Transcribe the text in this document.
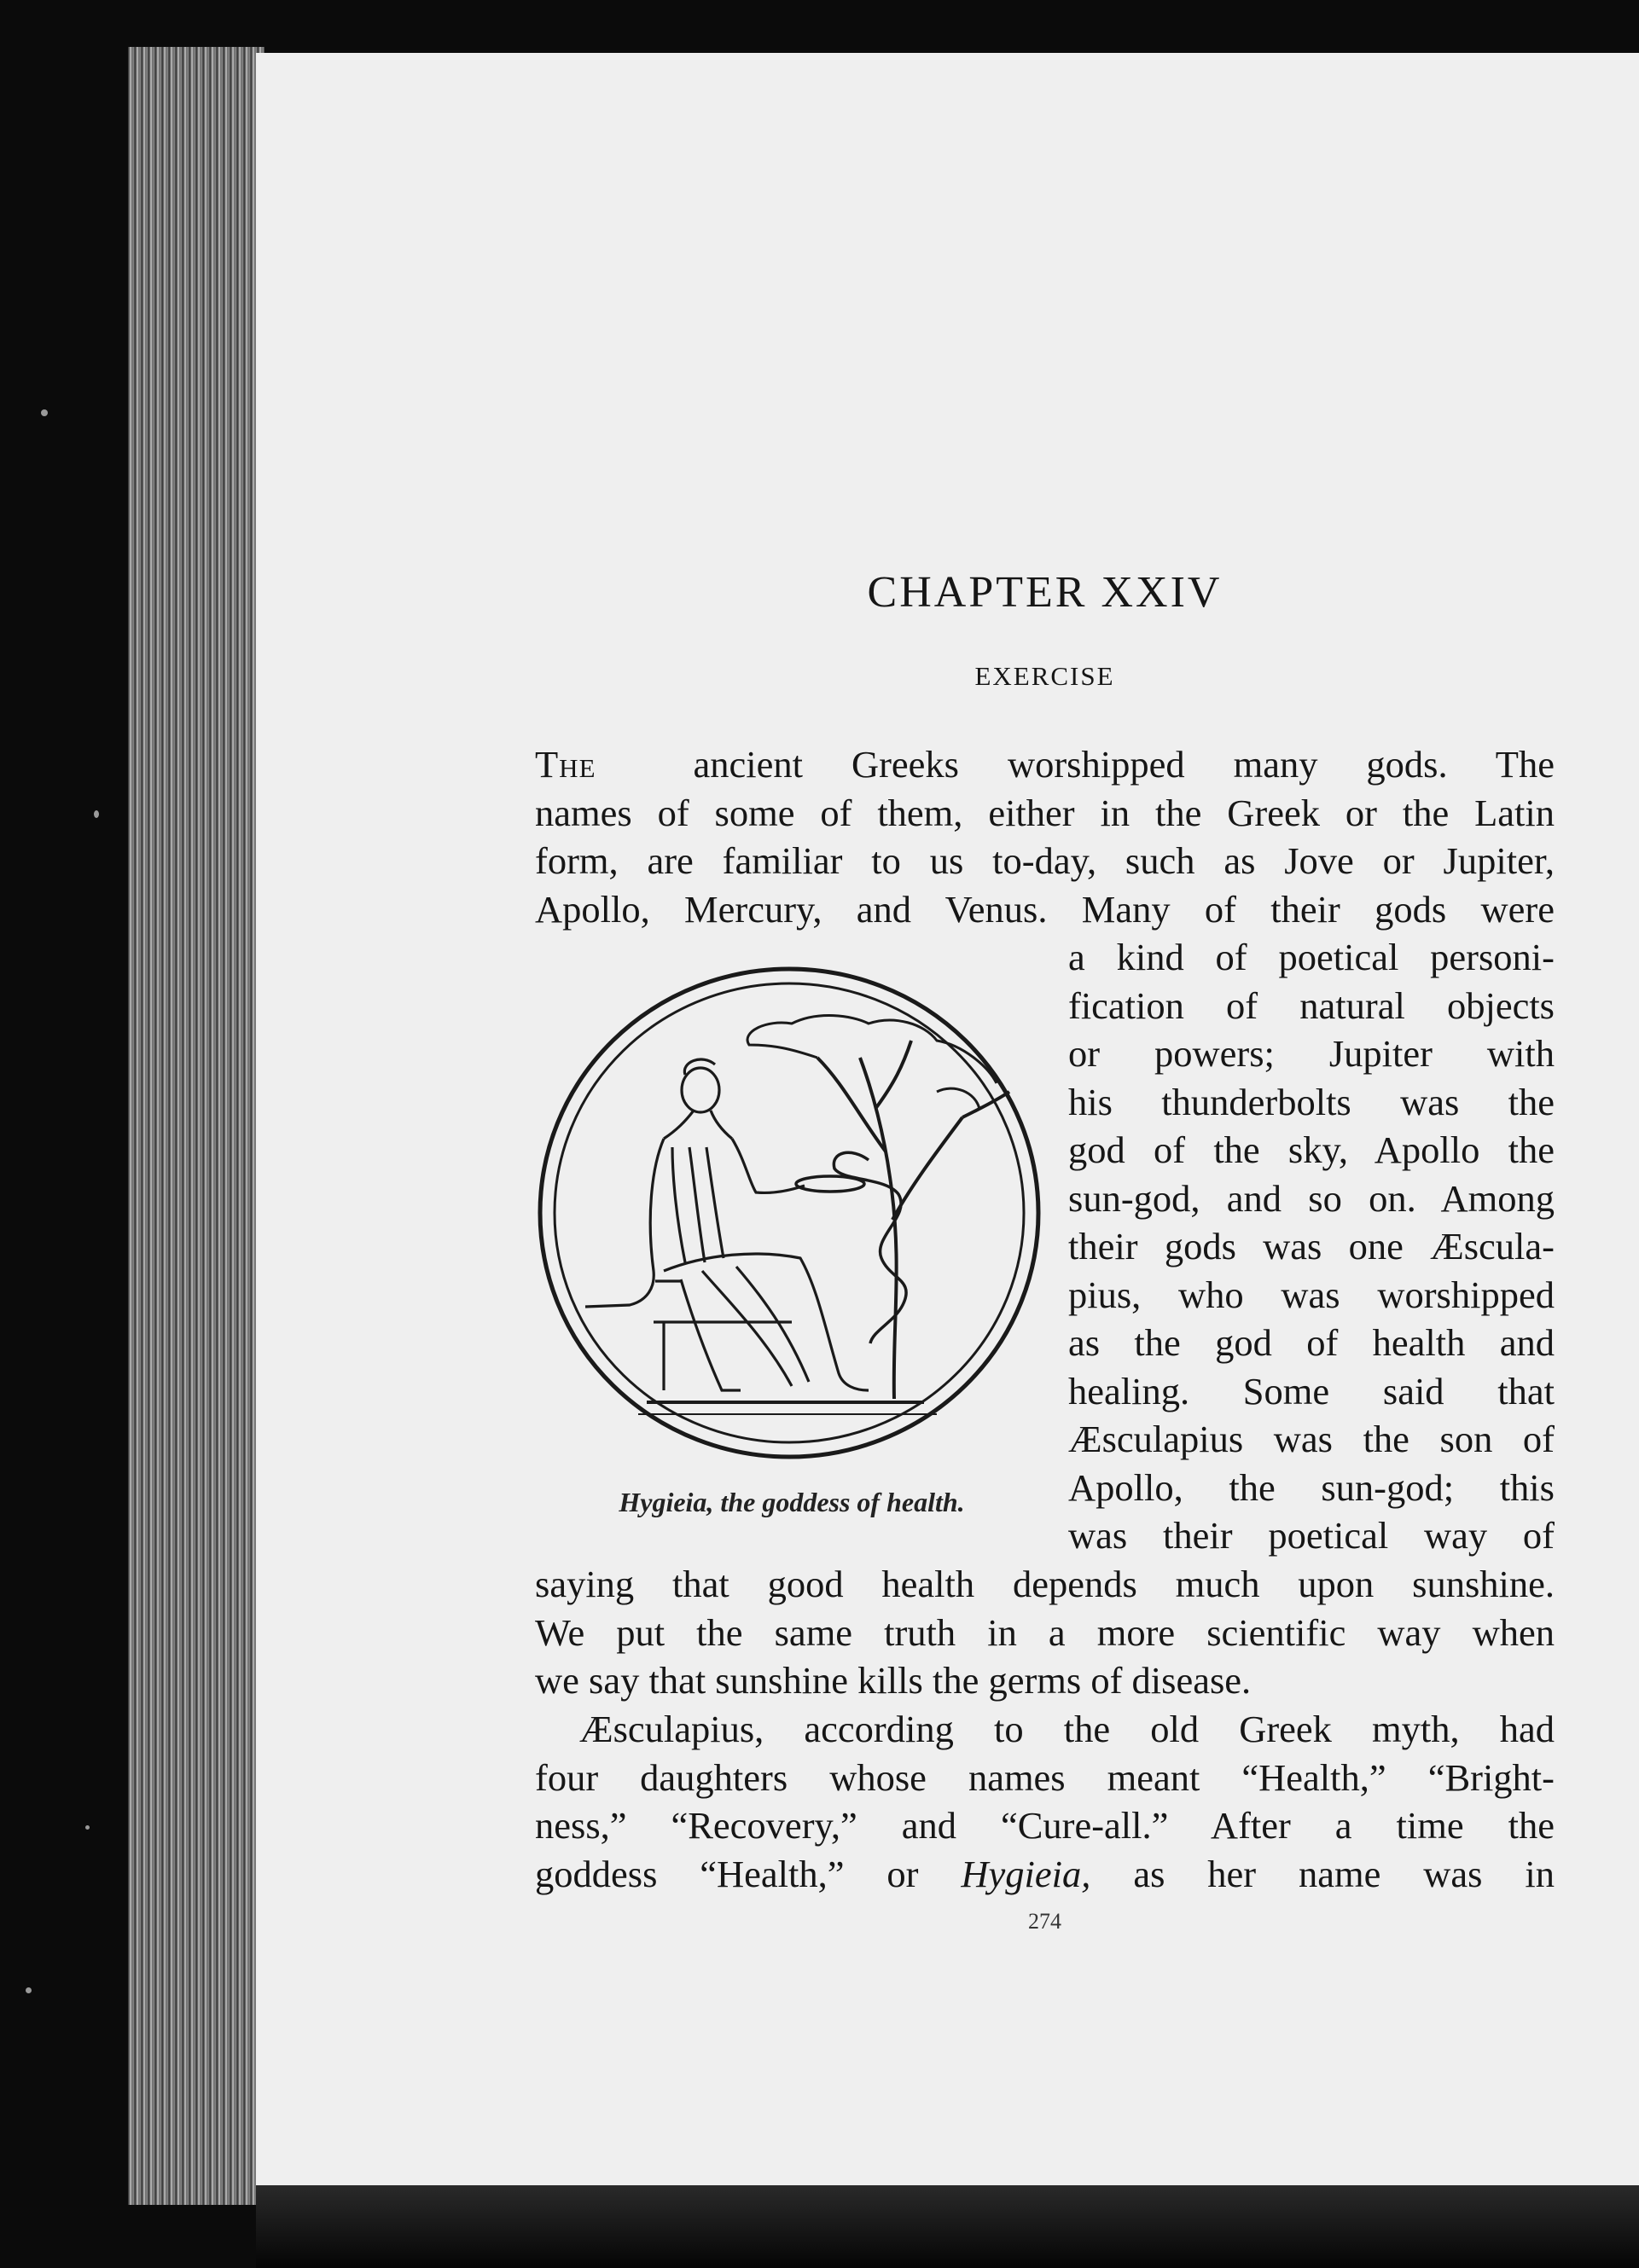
CHAPTER XXIV
EXERCISE
The	ancient Greeks worshipped many gods. The
names of some of them, either in the Greek or the Latin
form, are familiar to us to-day, such as Jove or Jupiter,
Apollo, Mercury, and Venus. Many of their gods were
a kind of poetical personi-
fication of natural objects
or powers; Jupiter with
his thunderbolts was the
god of the sky, Apollo the
sun-god, and so on. Among
their gods was one Æscula-
pius, who was worshipped
as the god of health and
healing. Some said that
Æsculapius was the son of
Apollo, the sun-god; this
was their poetical way of
saying that good health depends much upon sunshine.
We put the same truth in a more scientific way when
we say that sunshine kills the germs of disease.
Æsculapius, according to the old Greek myth, had
four daughters whose names meant “Health,” “Bright-
ness,” “Recovery,” and “Cure-all.” After a time the
goddess “Health,” or Hygieia, as her name was in
274
Hygieia, the goddess of health.
